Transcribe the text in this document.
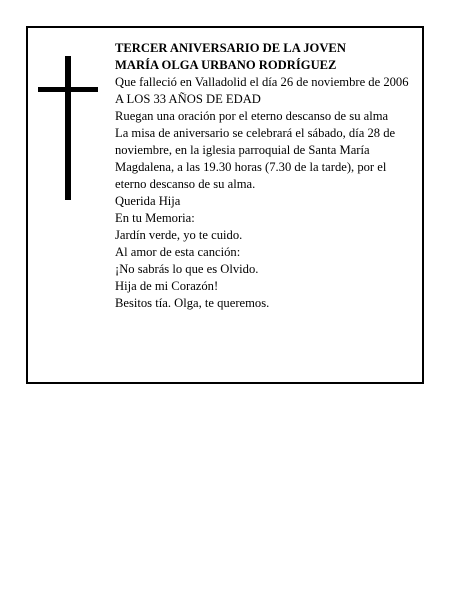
TERCER ANIVERSARIO DE LA JOVEN

MARÍA OLGA URBANO RODRÍGUEZ

Que falleció en Valladolid el día 26 de noviembre de 2006

A LOS 33 AÑOS DE EDAD

Ruegan una oración por el eterno descanso de su alma

La misa de aniversario se celebrará el sábado, día 28 de noviembre, en la iglesia parroquial de Santa María Magdalena, a las 19.30 horas (7.30 de la tarde), por el eterno descanso de su alma.

Querida Hija

En tu Memoria:

Jardín verde, yo te cuido.

Al amor de esta canción:

¡No sabrás lo que es Olvido.

Hija de mi Corazón!

Besitos tía. Olga, te queremos.
